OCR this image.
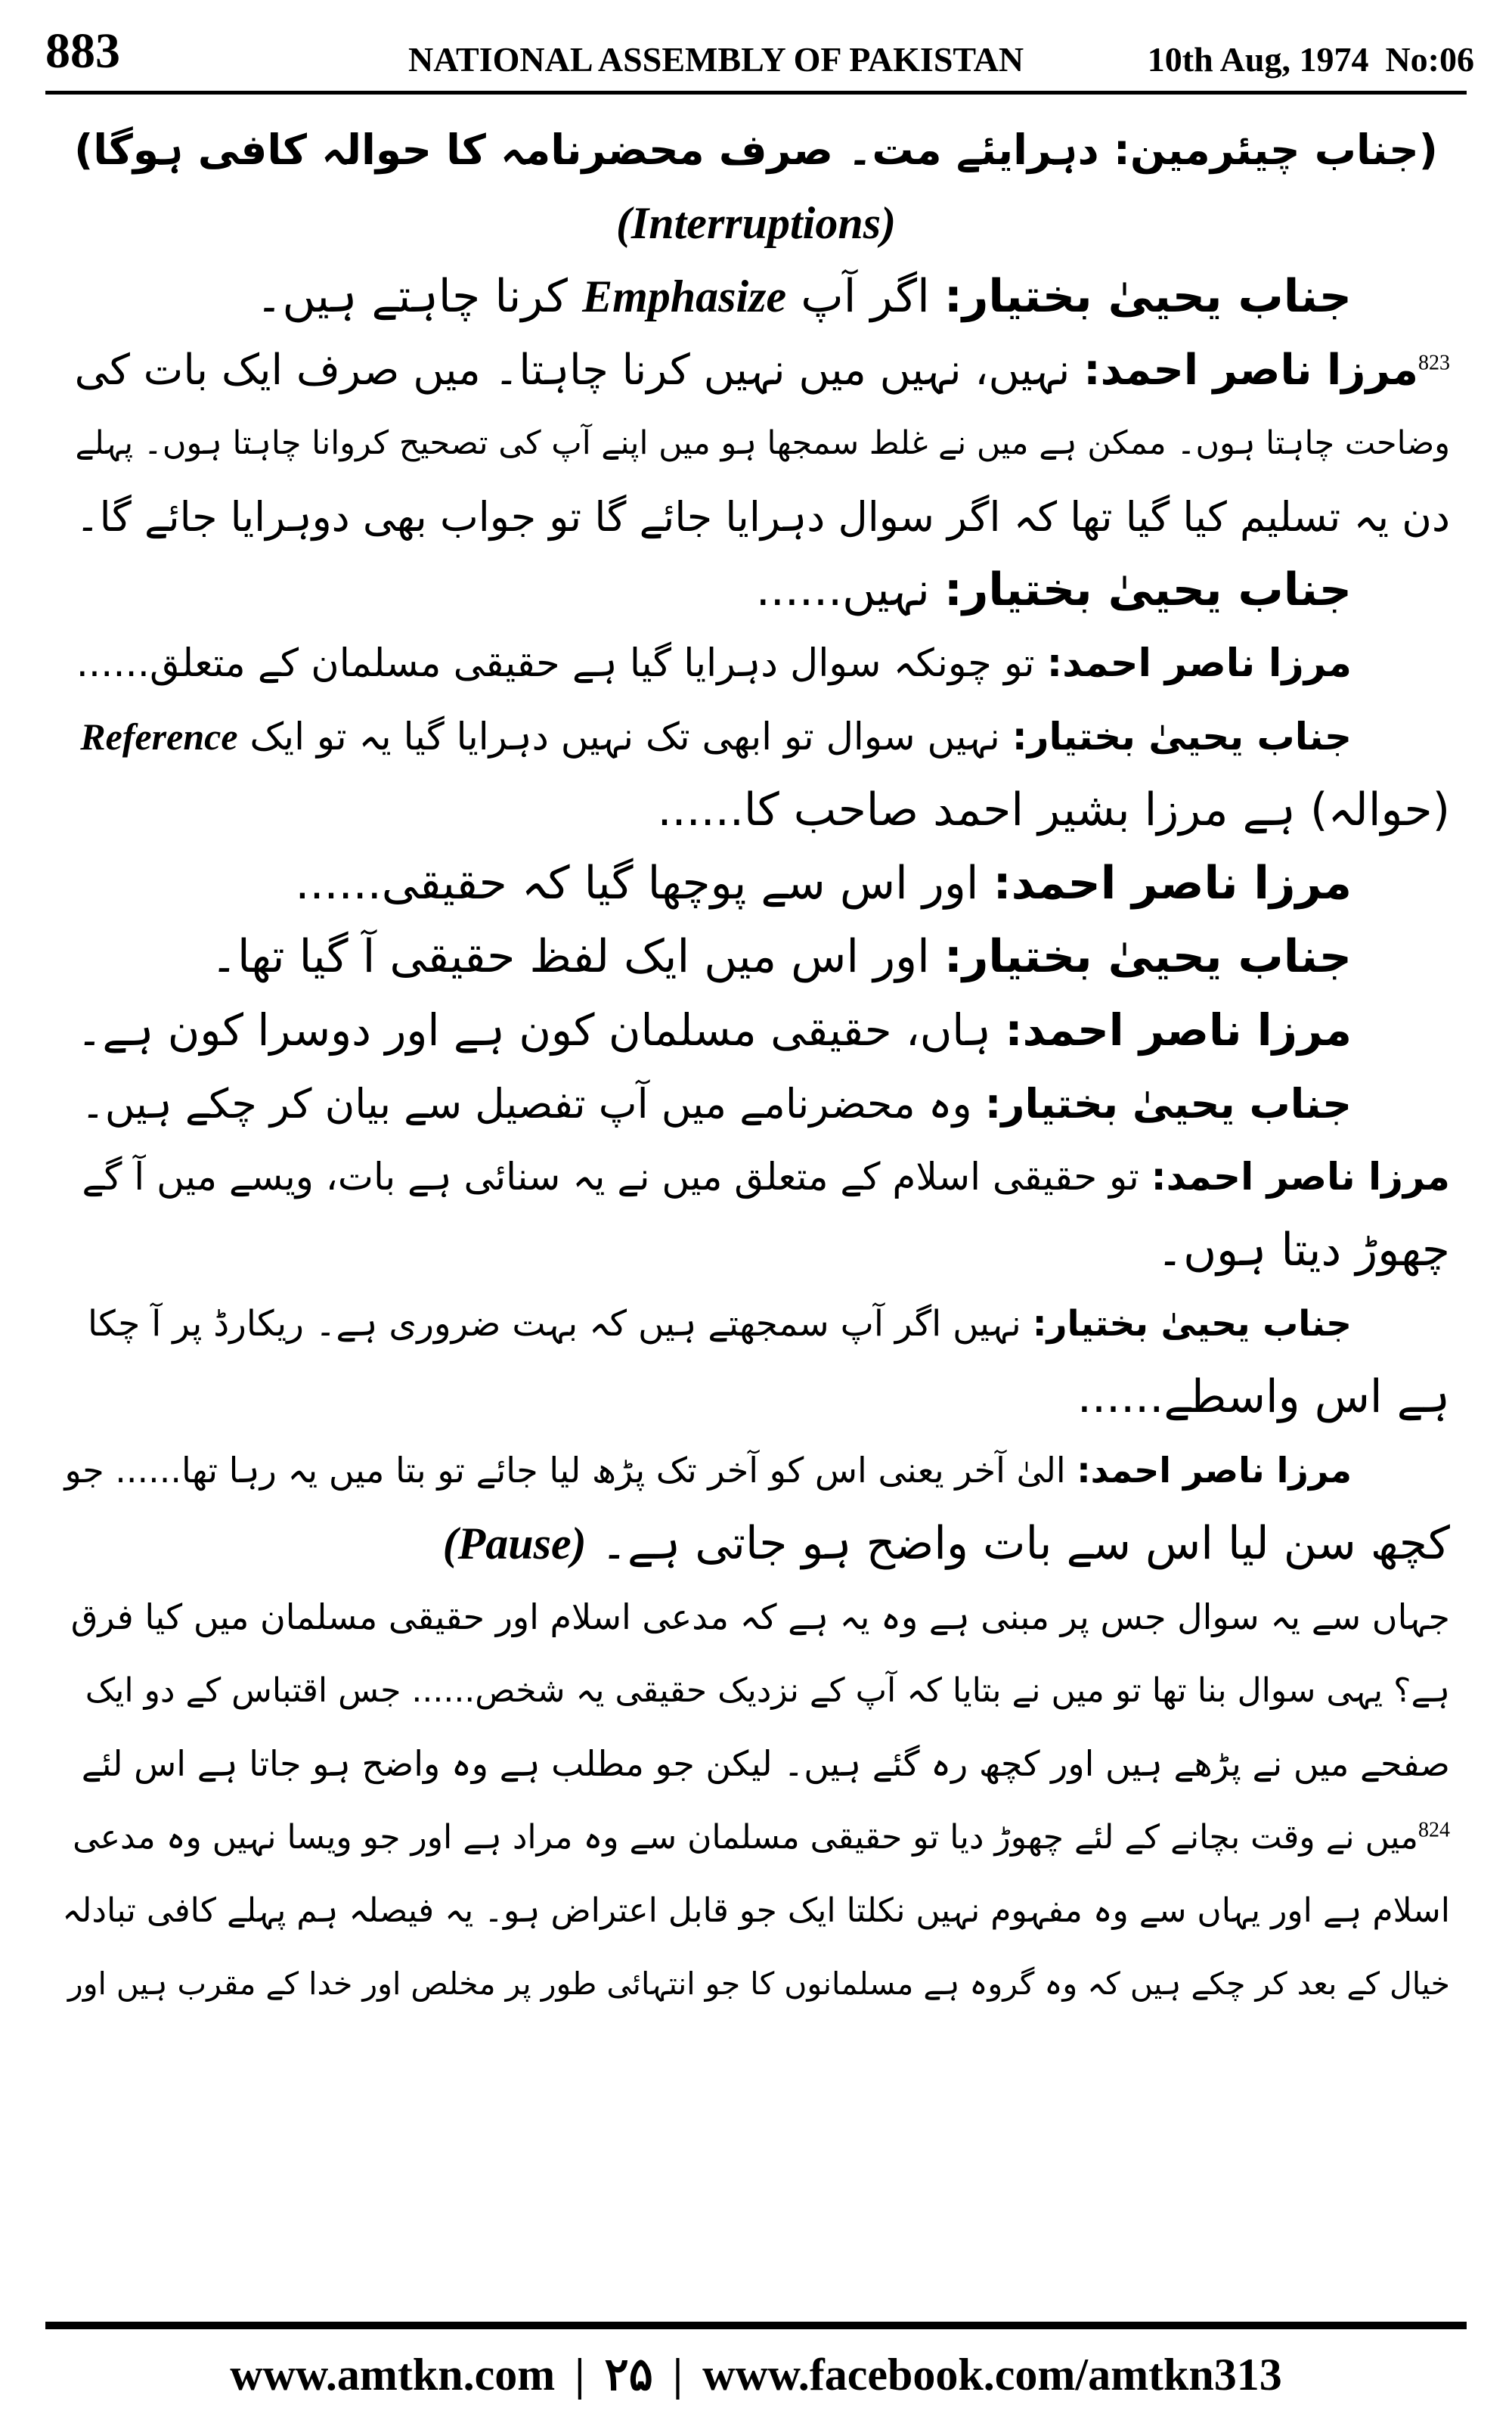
883	NATIONAL ASSEMBLY OF PAKISTAN	10th Aug, 1974 No:06

(جناب چیئرمین: دہرایئے مت۔ صرف محضرنامہ کا حوالہ کافی ہوگا)

(Interruptions)

جناب یحییٰ بختیار: اگر آپ Emphasize کرنا چاہتے ہیں۔

$^{823}$مرزا ناصر احمد: نہیں، نہیں میں نہیں کرنا چاہتا۔ میں صرف ایک بات کی

وضاحت چاہتا ہوں۔ ممکن ہے میں نے غلط سمجھا ہو میں اپنے آپ کی تصحیح کروانا چاہتا ہوں۔ پہلے

دن یہ تسلیم کیا گیا تھا کہ اگر سوال دہرایا جائے گا تو جواب بھی دوہرایا جائے گا۔

جناب یحییٰ بختیار: نہیں......

مرزا ناصر احمد: تو چونکہ سوال دہرایا گیا ہے حقیقی مسلمان کے متعلق......

جناب یحییٰ بختیار: نہیں سوال تو ابھی تک نہیں دہرایا گیا یہ تو ایک Reference

(حوالہ) ہے مرزا بشیر احمد صاحب کا......

مرزا ناصر احمد: اور اس سے پوچھا گیا کہ حقیقی......

جناب یحییٰ بختیار: اور اس میں ایک لفظ حقیقی آ گیا تھا۔

مرزا ناصر احمد: ہاں، حقیقی مسلمان کون ہے اور دوسرا کون ہے۔

جناب یحییٰ بختیار: وہ محضرنامے میں آپ تفصیل سے بیان کر چکے ہیں۔

مرزا ناصر احمد: تو حقیقی اسلام کے متعلق میں نے یہ سنائی ہے بات، ویسے میں آ گے

چھوڑ دیتا ہوں۔

جناب یحییٰ بختیار: نہیں اگر آپ سمجھتے ہیں کہ بہت ضروری ہے۔ ریکارڈ پر آ چکا

ہے اس واسطے......

مرزا ناصر احمد: الیٰ آخر یعنی اس کو آخر تک پڑھ لیا جائے تو بتا میں یہ رہا تھا...... جو

کچھ سن لیا اس سے بات واضح ہو جاتی ہے۔ (Pause)

جہاں سے یہ سوال جس پر مبنی ہے وہ یہ ہے کہ مدعی اسلام اور حقیقی مسلمان میں کیا فرق

ہے؟ یہی سوال بنا تھا تو میں نے بتایا کہ آپ کے نزدیک حقیقی یہ شخص...... جس اقتباس کے دو ایک

صفحے میں نے پڑھے ہیں اور کچھ رہ گئے ہیں۔ لیکن جو مطلب ہے وہ واضح ہو جاتا ہے اس لئے

$^{824}$میں نے وقت بچانے کے لئے چھوڑ دیا تو حقیقی مسلمان سے وہ مراد ہے اور جو ویسا نہیں وہ مدعی

اسلام ہے اور یہاں سے وہ مفہوم نہیں نکلتا ایک جو قابل اعتراض ہو۔ یہ فیصلہ ہم پہلے کافی تبادلہ

خیال کے بعد کر چکے ہیں کہ وہ گروہ ہے مسلمانوں کا جو انتہائی طور پر مخلص اور خدا کے مقرب ہیں اور

www.amtkn.com | ۲۵ | www.facebook.com/amtkn313
